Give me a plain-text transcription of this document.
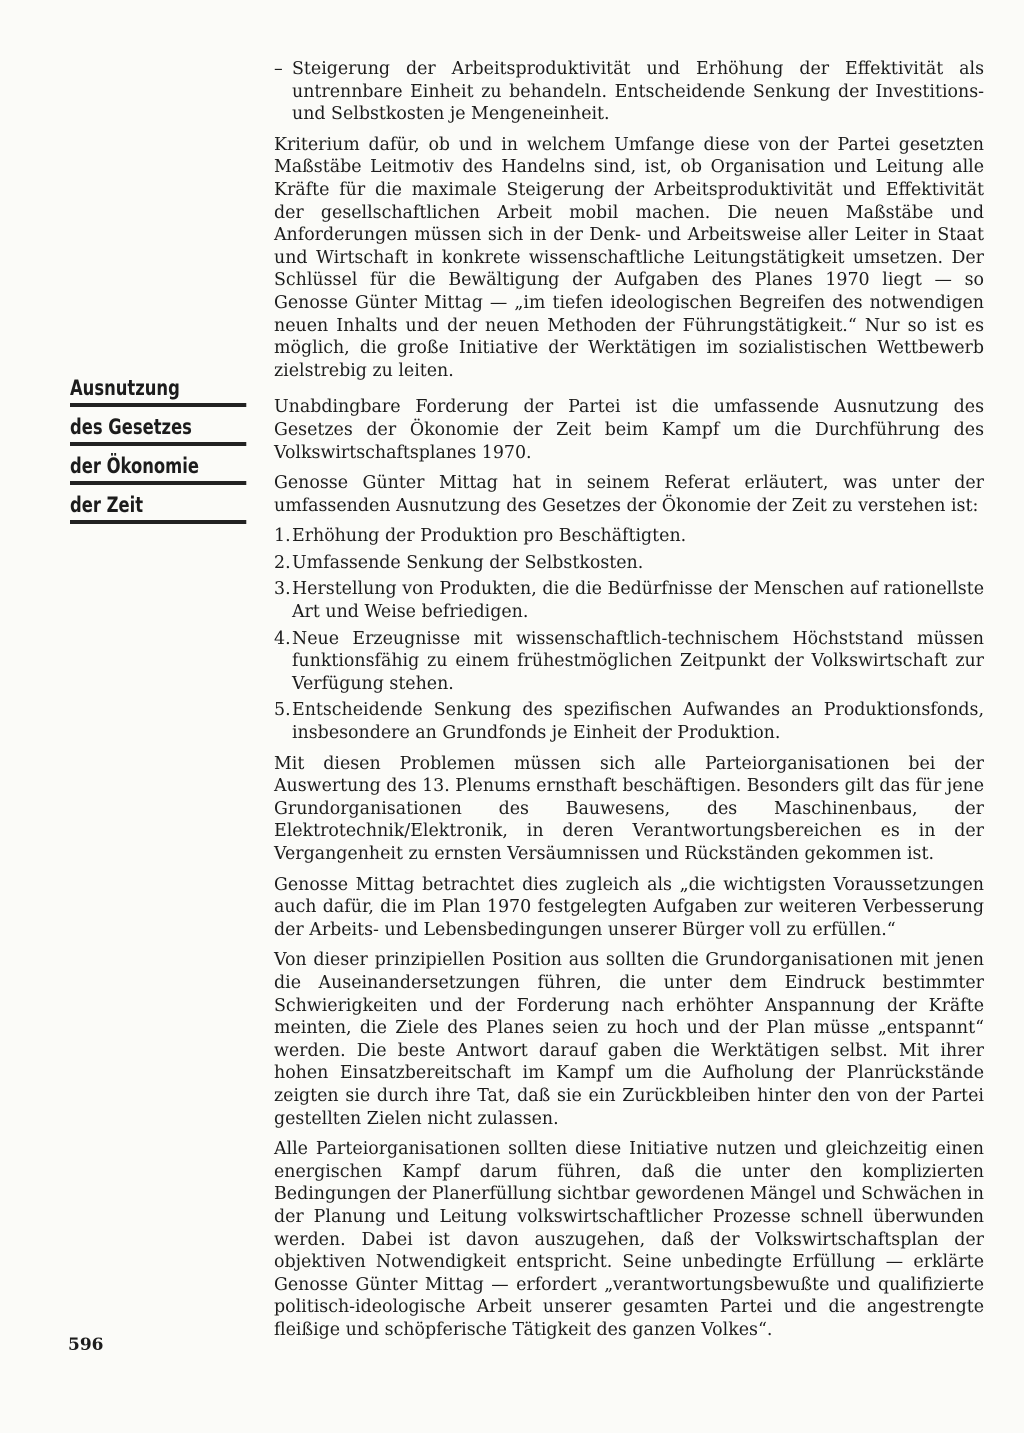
Ausnutzung
des Gesetzes
der Ökonomie
der Zeit
– Steigerung der Arbeitsproduktivität und Erhöhung der Effektivität als untrennbare Einheit zu behandeln. Entscheidende Senkung der Investitions- und Selbstkosten je Mengeneinheit.

Kriterium dafür, ob und in welchem Umfange diese von der Partei gesetzten Maßstäbe Leitmotiv des Handelns sind, ist, ob Organisation und Leitung alle Kräfte für die maximale Steigerung der Arbeitsproduktivität und Effektivität der gesellschaftlichen Arbeit mobil machen. Die neuen Maßstäbe und Anforderungen müssen sich in der Denk- und Arbeitsweise aller Leiter in Staat und Wirtschaft in konkrete wissenschaftliche Leitungstätigkeit umsetzen. Der Schlüssel für die Bewältigung der Aufgaben des Planes 1970 liegt — so Genosse Günter Mittag — „im tiefen ideologischen Begreifen des notwendigen neuen Inhalts und der neuen Methoden der Führungstätigkeit.“ Nur so ist es möglich, die große Initiative der Werktätigen im sozialistischen Wettbewerb zielstrebig zu leiten.

Unabdingbare Forderung der Partei ist die umfassende Ausnutzung des Gesetzes der Ökonomie der Zeit beim Kampf um die Durchführung des Volkswirtschaftsplanes 1970.

Genosse Günter Mittag hat in seinem Referat erläutert, was unter der umfassenden Ausnutzung des Gesetzes der Ökonomie der Zeit zu verstehen ist:

1. Erhöhung der Produktion pro Beschäftigten.
2. Umfassende Senkung der Selbstkosten.
3. Herstellung von Produkten, die die Bedürfnisse der Menschen auf rationellste Art und Weise befriedigen.
4. Neue Erzeugnisse mit wissenschaftlich-technischem Höchststand müssen funktionsfähig zu einem frühestmöglichen Zeitpunkt der Volkswirtschaft zur Verfügung stehen.
5. Entscheidende Senkung des spezifischen Aufwandes an Produktionsfonds, insbesondere an Grundfonds je Einheit der Produktion.

Mit diesen Problemen müssen sich alle Parteiorganisationen bei der Auswertung des 13. Plenums ernsthaft beschäftigen. Besonders gilt das für jene Grundorganisationen des Bauwesens, des Maschinenbaus, der Elektrotechnik/Elektronik, in deren Verantwortungsbereichen es in der Vergangenheit zu ernsten Versäumnissen und Rückständen gekommen ist.

Genosse Mittag betrachtet dies zugleich als „die wichtigsten Voraussetzungen auch dafür, die im Plan 1970 festgelegten Aufgaben zur weiteren Verbesserung der Arbeits- und Lebensbedingungen unserer Bürger voll zu erfüllen.“

Von dieser prinzipiellen Position aus sollten die Grundorganisationen mit jenen die Auseinandersetzungen führen, die unter dem Eindruck bestimmter Schwierigkeiten und der Forderung nach erhöhter Anspannung der Kräfte meinten, die Ziele des Planes seien zu hoch und der Plan müsse „entspannt“ werden. Die beste Antwort darauf gaben die Werktätigen selbst. Mit ihrer hohen Einsatzbereitschaft im Kampf um die Aufholung der Planrückstände zeigten sie durch ihre Tat, daß sie ein Zurückbleiben hinter den von der Partei gestellten Zielen nicht zulassen.

Alle Parteiorganisationen sollten diese Initiative nutzen und gleichzeitig einen energischen Kampf darum führen, daß die unter den komplizierten Bedingungen der Planerfüllung sichtbar gewordenen Mängel und Schwächen in der Planung und Leitung volkswirtschaftlicher Prozesse schnell überwunden werden. Dabei ist davon auszugehen, daß der Volkswirtschaftsplan der objektiven Notwendigkeit entspricht. Seine unbedingte Erfüllung — erklärte Genosse Günter Mittag — erfordert „verantwortungsbewußte und qualifizierte politisch-ideologische Arbeit unserer gesamten Partei und die angestrengte fleißige und schöpferische Tätigkeit des ganzen Volkes“.

596
